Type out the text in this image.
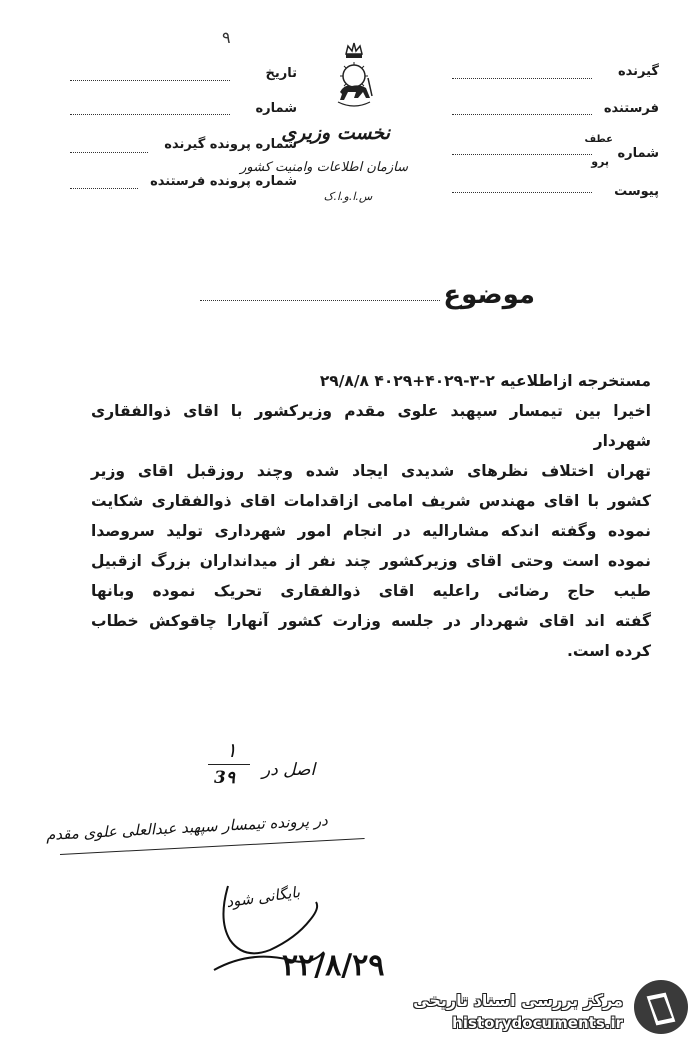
٩
گیرنده
فرستنده
شماره
عطف
پرو
پیوست
نخست وزیری
سازمان اطلاعات وامنیت کشور
س.ا.و.ا.ک
تاریخ
شماره
شماره پرونده گیرنده
شماره پرونده فرستنده
موضوع

مستخرجه ازاطلاعیه ۲-۳-۴۰۲۹+۴۰۲۹ ۲۹/۸/۸

اخیرا بین تیمسار سپهبد علوی مقدم وزیرکشور با اقای ذوالفقاری شهردار

تهران اختلاف نظرهای شدیدی ایجاد شده وچند روزقبل اقای وزیر

کشور با اقای مهندس شریف امامی ازاقدامات اقای ذوالفقاری شکایت

نموده وگفته اندکه مشارالیه در انجام امور شهرداری تولید سروصدا

نموده است وحتی اقای وزیرکشور چند نفر از میدانداران بزرگ ازقبیل

طیب حاج رضائی راعلیه اقای ذوالفقاری تحریک نموده وبانها

گفته اند اقای شهردار در جلسه وزارت کشور آنهارا چاقوکش خطاب

کرده است.

۱
3۹ اصل در
در پرونده تیمسار سپهبد عبدالعلی علوی مقدم
بایگانی شود
۲۲/۸/۲۹
مرکز بررسی اسناد تاریخی
historydocuments.ir
